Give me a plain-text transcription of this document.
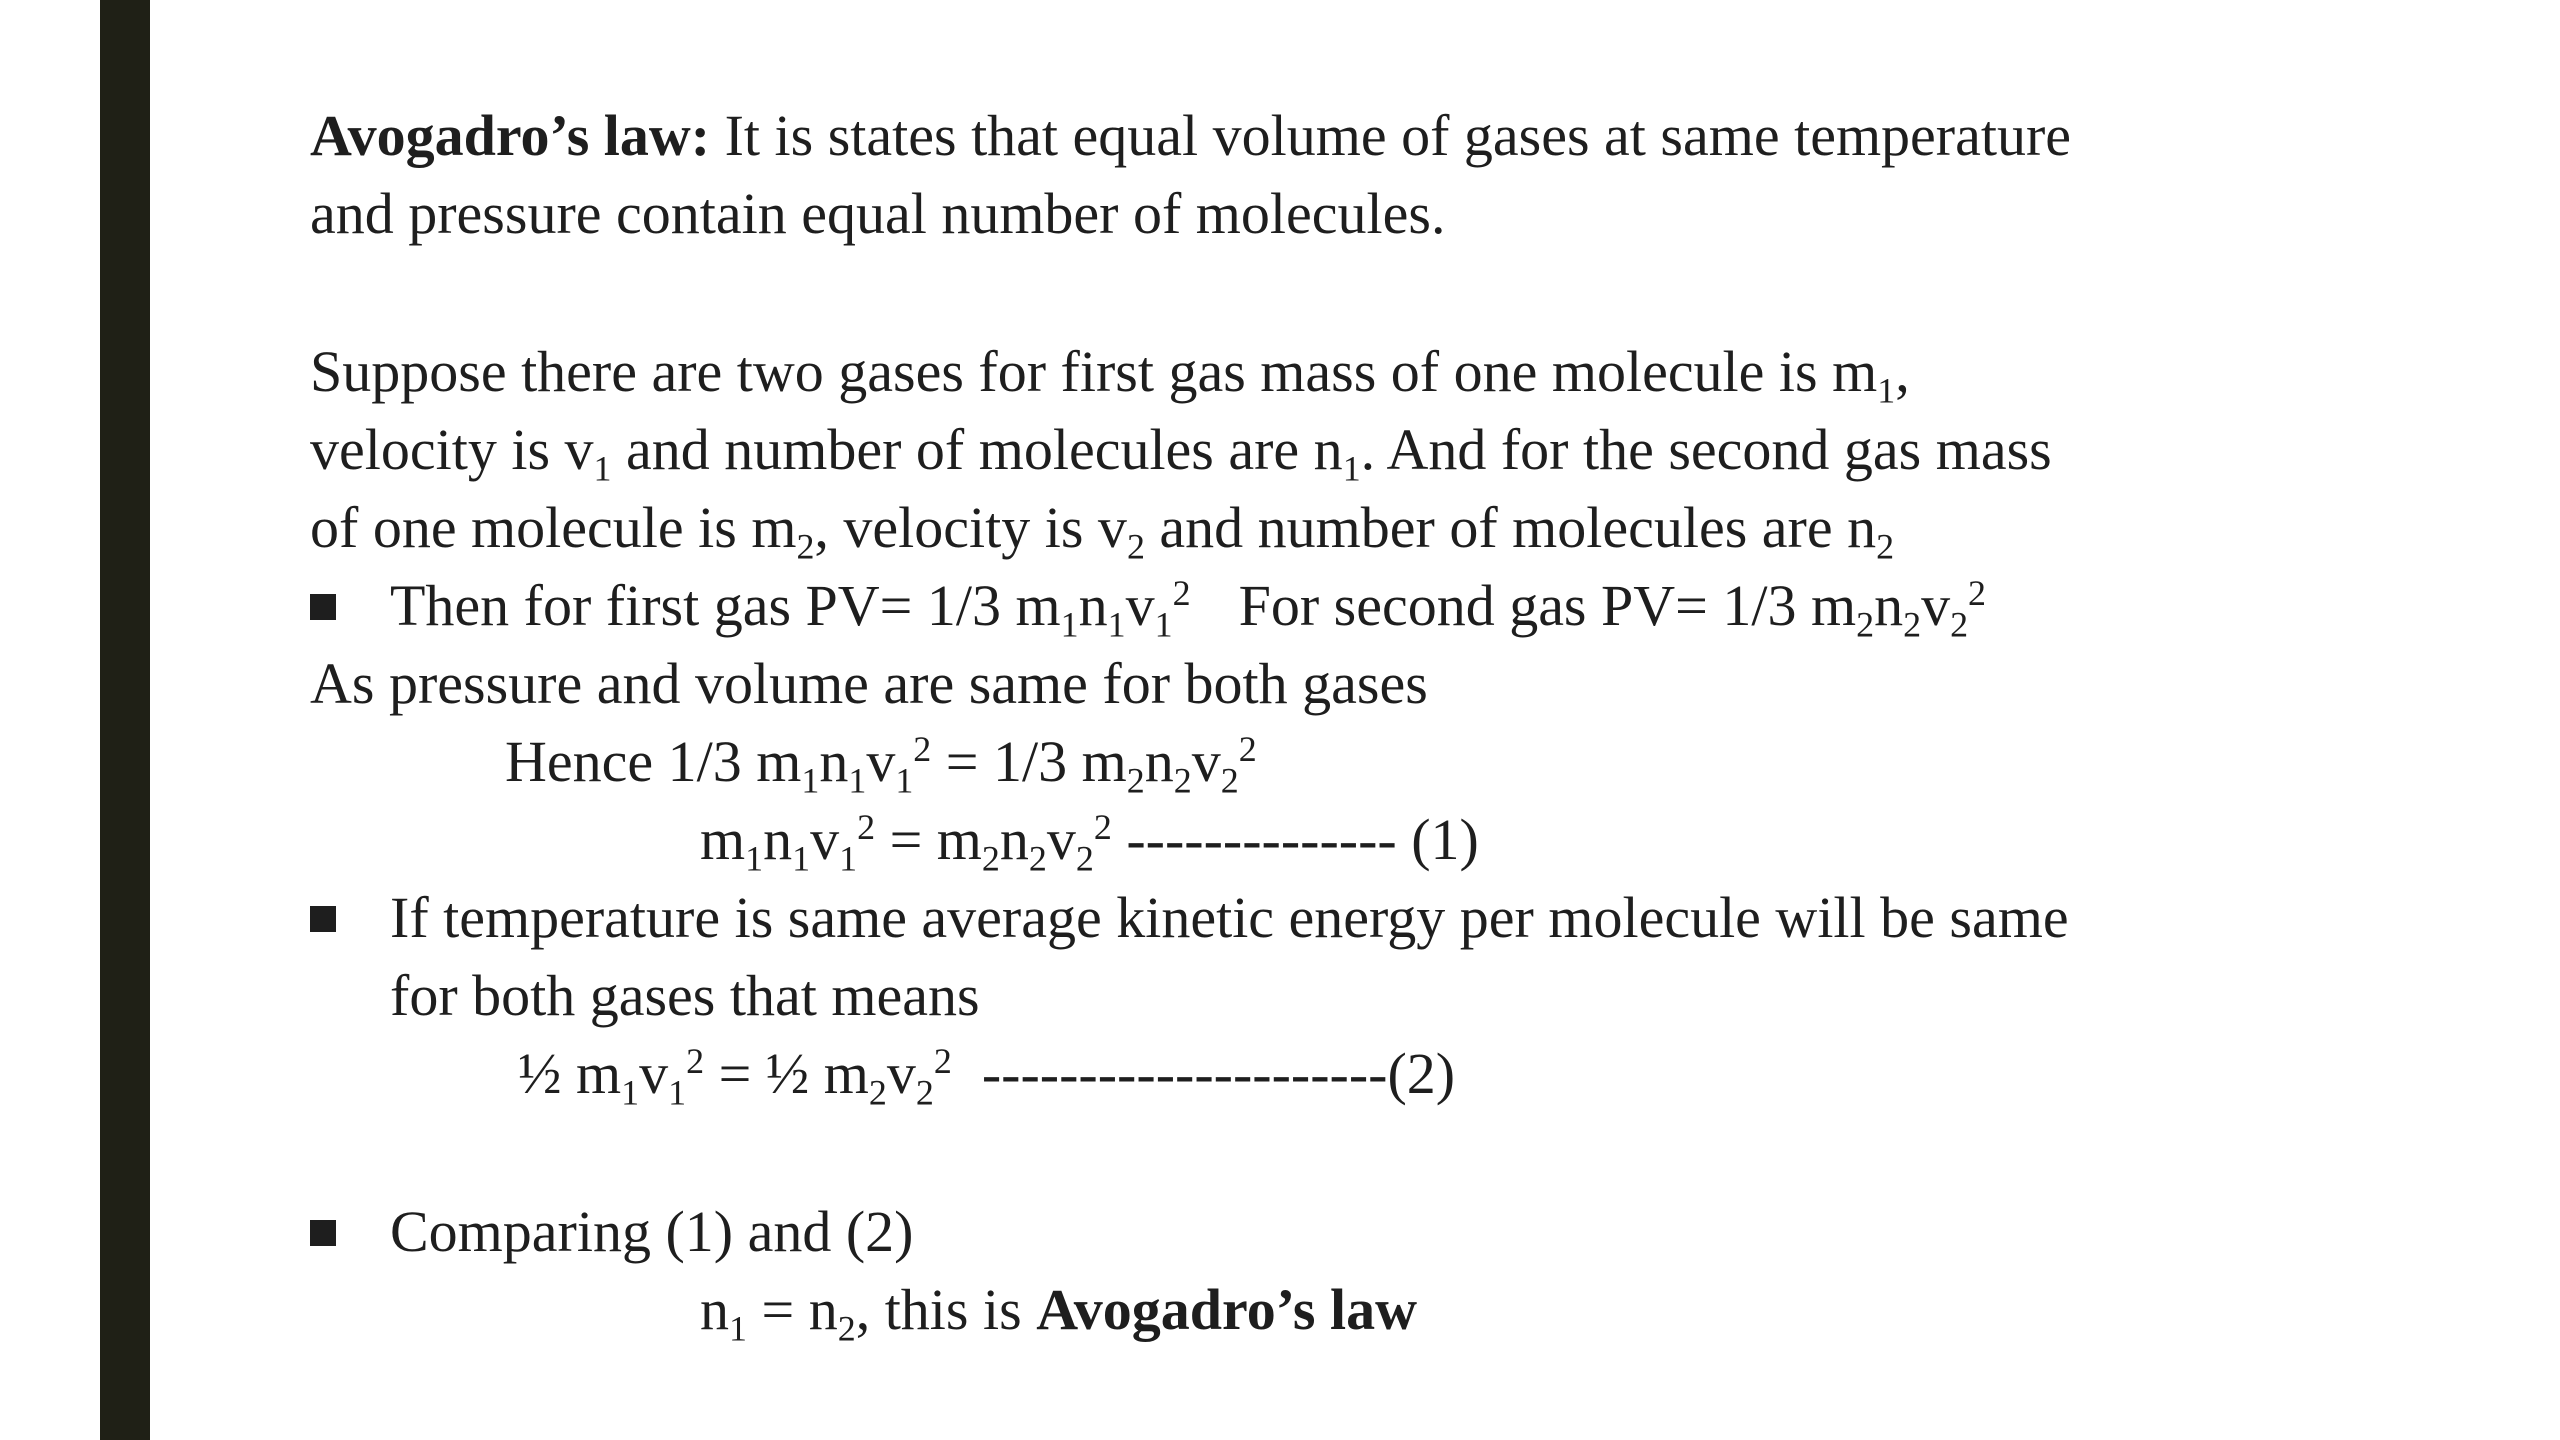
Avogadro’s law: It is states that equal volume of gases at same temperature
and pressure contain equal number of molecules.
Suppose there are two gases for first gas mass of one molecule is $m_1$,
velocity is $v_1$ and number of molecules are $n_1$. And for the second gas mass
of one molecule is $m_2$, velocity is $v_2$ and number of molecules are $n_2$
Then for first gas PV= 1/3 $m_1n_1v_1^2$ For second gas PV= 1/3 $m_2n_2v_2^2$
As pressure and volume are same for both gases
Hence 1/3 $m_1n_1v_1^2 = 1/3$ $m_2n_2v_2^2$
$m_1n_1v_1^2 = m_2n_2v_2^2$ -------------- (1)
If temperature is same average kinetic energy per molecule will be same
for both gases that means
½ $m_1v_1^2$ = ½ $m_2v_2^2$ ---------------------(2)
Comparing (1) and (2)
$n_1 = n_2$, this is Avogadro’s law
